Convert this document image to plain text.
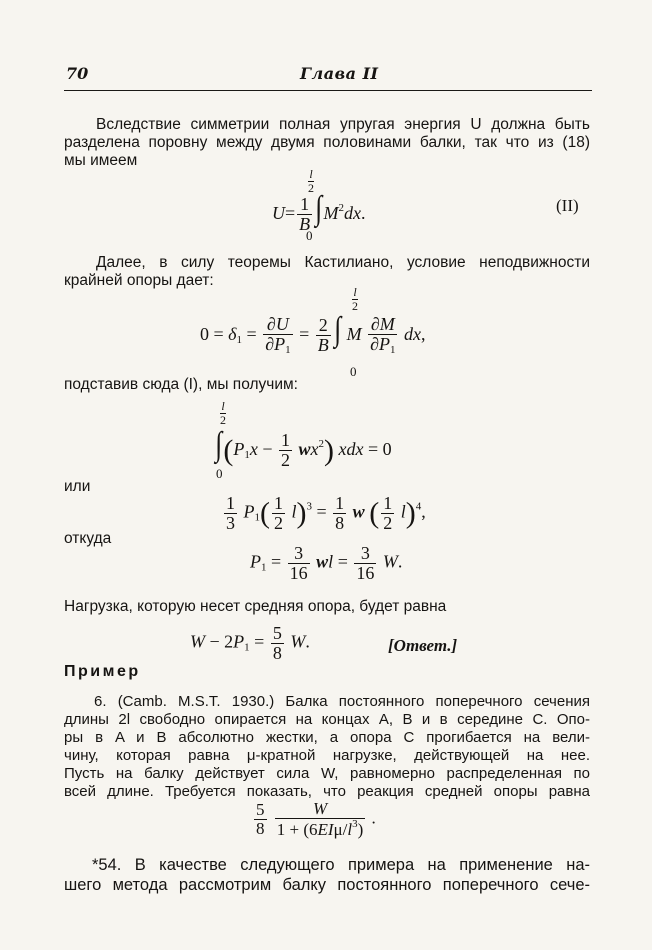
70	Глава II
Вследствие симметрии полная упругая энергия U должна быть
разделена поровну между двумя половинами балки, так что из (18)
мы имеем
$\frac{l}{2}$
$U= \frac{1}{B} \int M^2dx$.
0
(II)
Далее, в силу теоремы Кастилиано, условие неподвижности
крайней опоры дает:
$\frac{l}{2}$
$0 = \delta_1 = \frac{\partial U}{\partial P_1} = \frac{2}{B}$ ∫ M $\frac{\partial M}{\partial P_1}$ dx,
0
подставив сюда (I), мы получим:
$\frac{l}{2}$
$\int(P_1x - \frac{1}{2} wx^2)$ xdx = 0
0
или
$\frac{1}{3} P_1( \frac{1}{2} l)^3 = \frac{1}{8}$ w ( $\frac{1}{2} l)^4$,
откуда
$P_1 = \frac{3}{16}$ wl = $\frac{3}{16} W$.
Нагрузка, которую несет средняя опора, будет равна
$W - 2P_1 = \frac{5}{8} W$.	[Ответ.]
Пример
6. (Camb. M.S.T. 1930.) Балка постоянного поперечного сечения
длины 2l свободно опирается на концах A, B и в середине C. Опо-
ры в A и B абсолютно жестки, а опора C прогибается на вели-
чину, которая равна μ-кратной нагрузке, действующей на нее.
Пусть на балку действует сила W, равномерно распределенная по
всей длине. Требуется показать, что реакция средней опоры равна
$\frac{5}{8}$
$\frac{W}{1 + (6EI\mu/l^3)}$ .
*54. В качестве следующего примера на применение на-
шего метода рассмотрим балку постоянного поперечного сече-
